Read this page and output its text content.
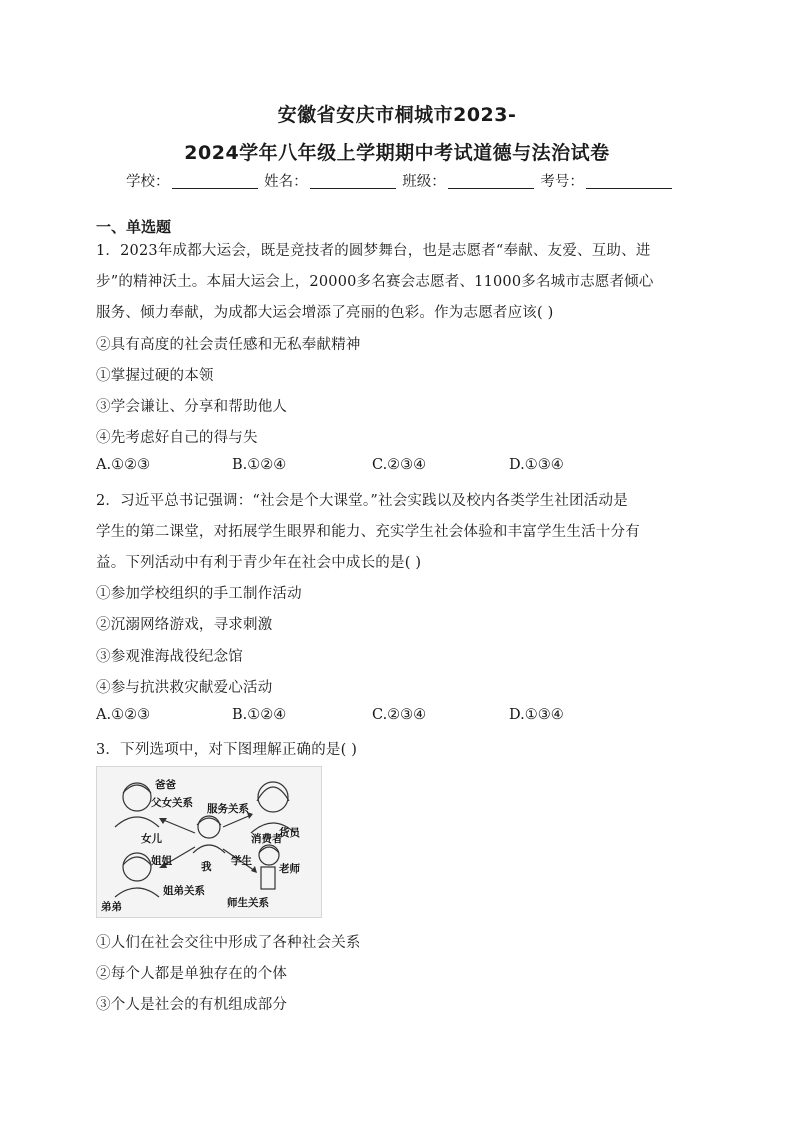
安徽省安庆市桐城市2023-
2024学年八年级上学期期中考试道德与法治试卷
学校：	姓名：	班级：	考号：
一、单选题
1．2023年成都大运会，既是竞技者的圆梦舞台，也是志愿者“奉献、友爱、互助、进
步”的精神沃土。本届大运会上，20000多名赛会志愿者、11000多名城市志愿者倾心
服务、倾力奉献，为成都大运会增添了亮丽的色彩。作为志愿者应该( )
②具有高度的社会责任感和无私奉献精神
①掌握过硬的本领
③学会谦让、分享和帮助他人
④先考虑好自己的得与失
A.①②③	B.①②④	C.②③④	D.①③④
2．习近平总书记强调：“社会是个大课堂。”社会实践以及校内各类学生社团活动是
学生的第二课堂，对拓展学生眼界和能力、充实学生社会体验和丰富学生生活十分有
益。下列活动中有利于青少年在社会中成长的是( )
①参加学校组织的手工制作活动
②沉溺网络游戏，寻求刺激
③参观淮海战役纪念馆
④参与抗洪救灾献爱心活动
A.①②③	B.①②④	C.②③④	D.①③④
3．下列选项中，对下图理解正确的是( )
爸爸
父女关系 服务关系
货员
女儿	消费者
姐姐	我 学生
老师
姐弟关系
弟弟	师生关系
①人们在社会交往中形成了各种社会关系
②每个人都是单独存在的个体
③个人是社会的有机组成部分
